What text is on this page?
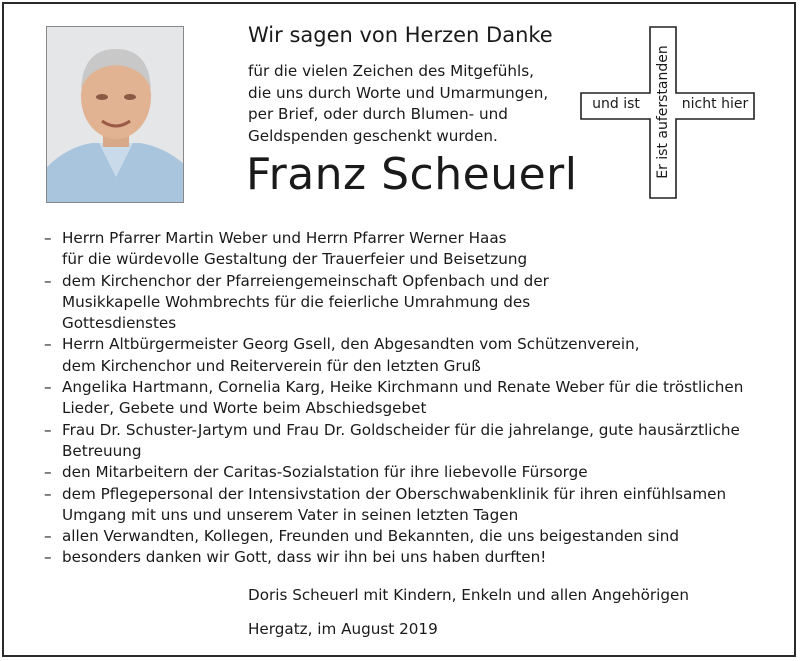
Wir sagen von Herzen Danke

für die vielen Zeichen des Mitgefühls,
die uns durch Worte und Umarmungen,
per Brief, oder durch Blumen- und
Geldspenden geschenkt wurden.

Franz Scheuerl
und ist	nicht hier
Er ist auferstanden
– Herrn Pfarrer Martin Weber und Herrn Pfarrer Werner Haas
für die würdevolle Gestaltung der Trauerfeier und Beisetzung
– dem Kirchenchor der Pfarreiengemeinschaft Opfenbach und der
Musikkapelle Wohmbrechts für die feierliche Umrahmung des
Gottesdienstes
– Herrn Altbürgermeister Georg Gsell, den Abgesandten vom Schützenverein,
dem Kirchenchor und Reiterverein für den letzten Gruß
– Angelika Hartmann, Cornelia Karg, Heike Kirchmann und Renate Weber für die tröstlichen
Lieder, Gebete und Worte beim Abschiedsgebet
– Frau Dr. Schuster-Jartym und Frau Dr. Goldscheider für die jahrelange, gute hausärztliche
Betreuung
– den Mitarbeitern der Caritas-Sozialstation für ihre liebevolle Fürsorge
– dem Pflegepersonal der Intensivstation der Oberschwabenklinik für ihren einfühlsamen
Umgang mit uns und unserem Vater in seinen letzten Tagen
– allen Verwandten, Kollegen, Freunden und Bekannten, die uns beigestanden sind
– besonders danken wir Gott, dass wir ihn bei uns haben durften!
Doris Scheuerl mit Kindern, Enkeln und allen Angehörigen
Hergatz, im August 2019
